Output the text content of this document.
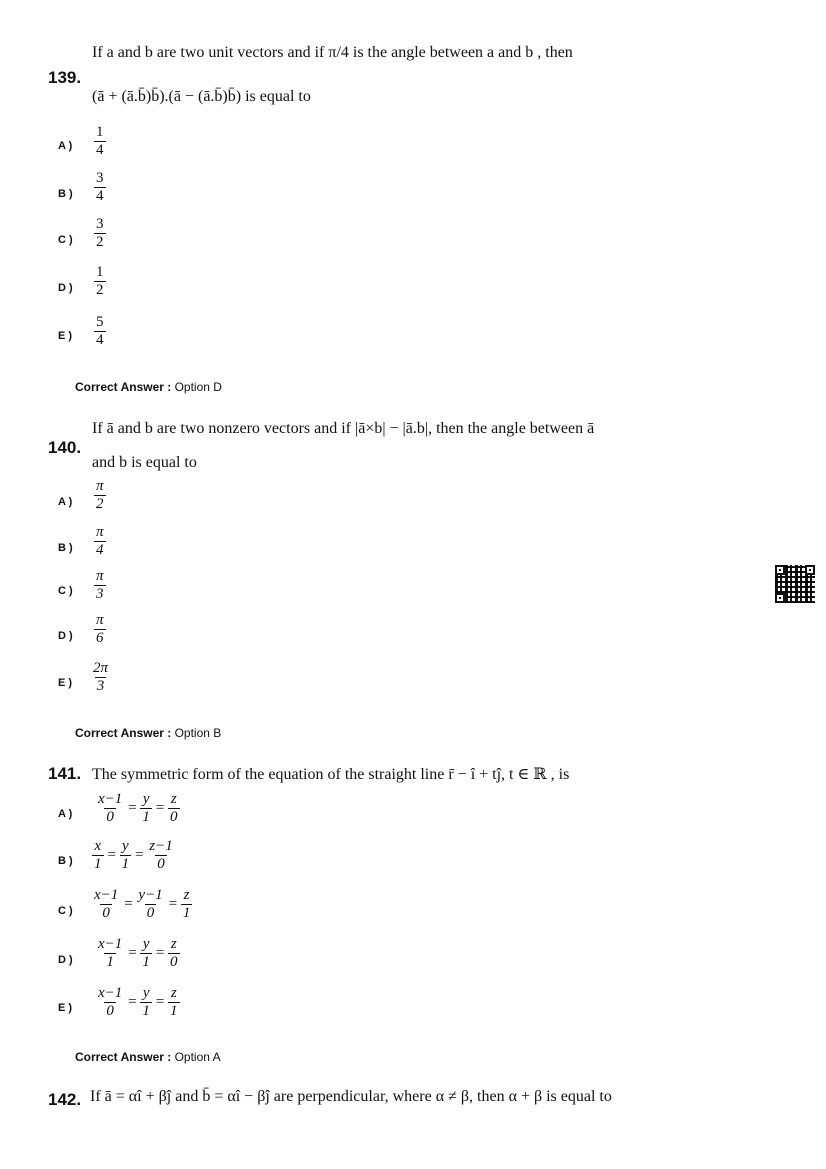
139.
If a and b are two unit vectors and if π/4 is the angle between a and b , then
(ā + (ā.b̄)b̄).(ā − (ā.b̄)b̄) is equal to
A ) $\frac{1}{4}$
B ) $\frac{3}{4}$
C ) $\frac{3}{2}$
D ) $\frac{1}{2}$
E ) $\frac{5}{4}$
Correct Answer : Option D
140.
If ā and b are two nonzero vectors and if |ā×b| − |ā.b|, then the angle between ā
and b is equal to
A ) $\frac{\pi}{2}$
B ) $\frac{\pi}{4}$
C ) $\frac{\pi}{3}$
D ) $\frac{\pi}{6}$
E ) $\frac{2\pi}{3}$
Correct Answer : Option B
141. The symmetric form of the equation of the straight line r̄ − î + tĵ, t ∈ ℝ , is
A ) $\frac{x-1}{0} = \frac{y}{1} = \frac{z}{0}$
B ) $\frac{x}{1} = \frac{y}{1} = \frac{z-1}{0}$
C ) $\frac{x-1}{0} = \frac{y-1}{0} = \frac{z}{1}$
D ) $\frac{x-1}{1} = \frac{y}{1} = \frac{z}{0}$
E ) $\frac{x-1}{0} = \frac{y}{1} = \frac{z}{1}$
Correct Answer : Option A
142. If ā = αî + βĵ and b̄ = αî − βĵ are perpendicular, where α ≠ β, then α + β is equal to
